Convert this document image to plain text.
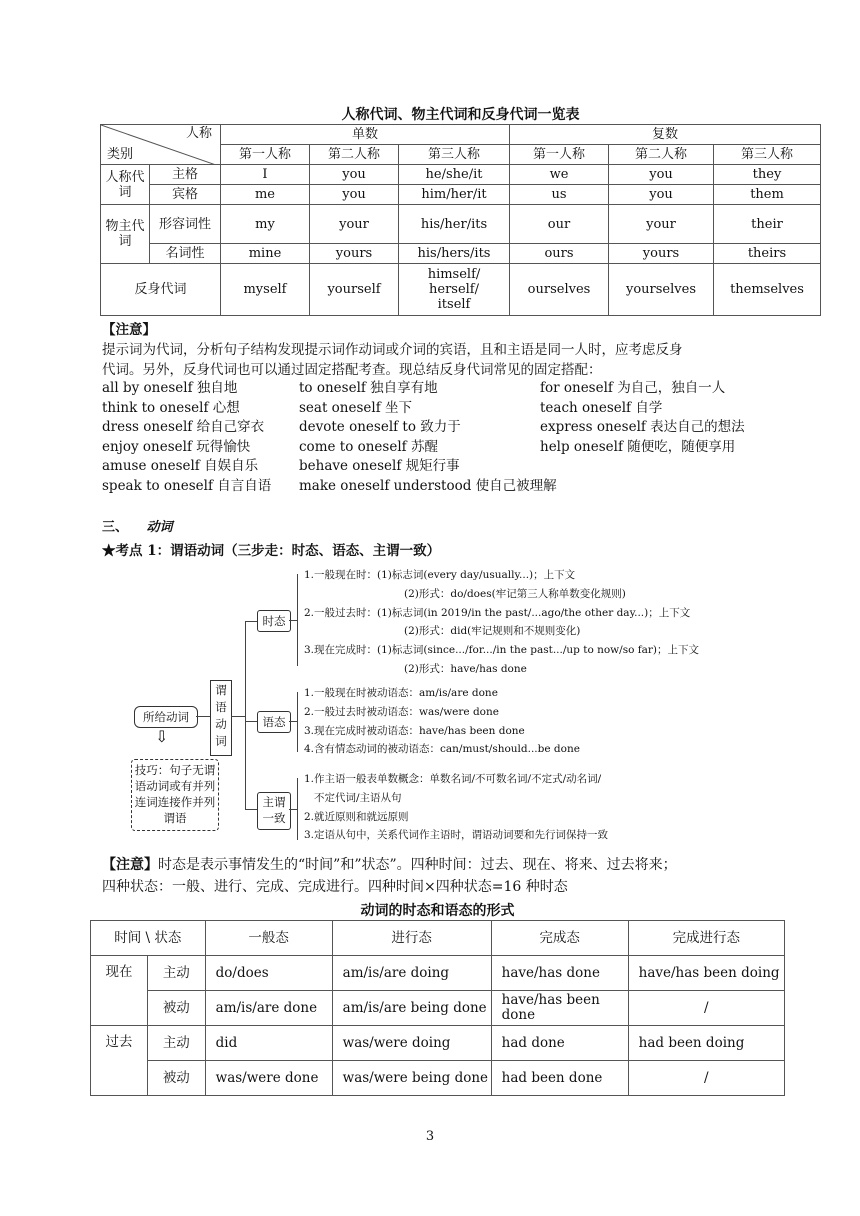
人称代词、物主代词和反身代词一览表
人称
类别		单数			复数		
		第一人称	第二人称	第三人称	第一人称	第二人称	第三人称
人称代词	主格	I	you	he/she/it	we	you	they
	宾格	me	you	him/her/it	us	you	them
物主代词	形容词性	my	your	his/her/its	our	your	their
	名词性	mine	yours	his/hers/its	ours	yours	theirs
反身代词		myself	yourself	himself/ herself/ itself	ourselves	yourselves	themselves
【注意】
提示词为代词，分析句子结构发现提示词作动词或介词的宾语，且和主语是同一人时，应考虑反身
代词。另外，反身代词也可以通过固定搭配考查。现总结反身代词常见的固定搭配：
all by oneself 独自地
think to oneself 心想
dress oneself 给自己穿衣
enjoy oneself 玩得愉快
amuse oneself 自娱自乐
speak to oneself 自言自语
to oneself 独自享有地
seat oneself 坐下
devote oneself to 致力于
come to oneself 苏醒
behave oneself 规矩行事
make oneself understood 使自己被理解
for oneself 为自己，独自一人
teach oneself 自学
express oneself 表达自己的想法
help oneself 随便吃，随便享用
三、 动词
★考点 1：谓语动词（三步走：时态、语态、主谓一致）
所给动词
⇩
技巧：句子无谓语动词或有并列连词连接作并列谓语
谓语动词
时态
语态
主谓一致
1.一般现在时：(1)标志词(every day/usually...)；上下文
(2)形式：do/does(牢记第三人称单数变化规则)
2.一般过去时：(1)标志词(in 2019/in the past/...ago/the other day...)；上下文
(2)形式：did(牢记规则和不规则变化)
3.现在完成时：(1)标志词(since.../for.../in the past.../up to now/so far)；上下文
(2)形式：have/has done
1.一般现在时被动语态：am/is/are done
2.一般过去时被动语态：was/were done
3.现在完成时被动语态：have/has been done
4.含有情态动词的被动语态：can/must/should...be done
1.作主语一般表单数概念：单数名词/不可数名词/不定式/动名词/
不定代词/主语从句
2.就近原则和就远原则
3.定语从句中，关系代词作主语时，谓语动词要和先行词保持一致
【注意】时态是表示事情发生的“时间”和”状态”。四种时间：过去、现在、将来、过去将来；
四种状态：一般、进行、完成、完成进行。四种时间×四种状态=16 种时态
动词的时态和语态的形式
时间 \ 状态		一般态	进行态	完成态	完成进行态
现在	主动	do/does	am/is/are doing	have/has done	have/has been doing
	被动	am/is/are done	am/is/are being done	have/has been done	/
过去	主动	did	was/were doing	had done	had been doing
	被动	was/were done	was/were being done	had been done	/
3
